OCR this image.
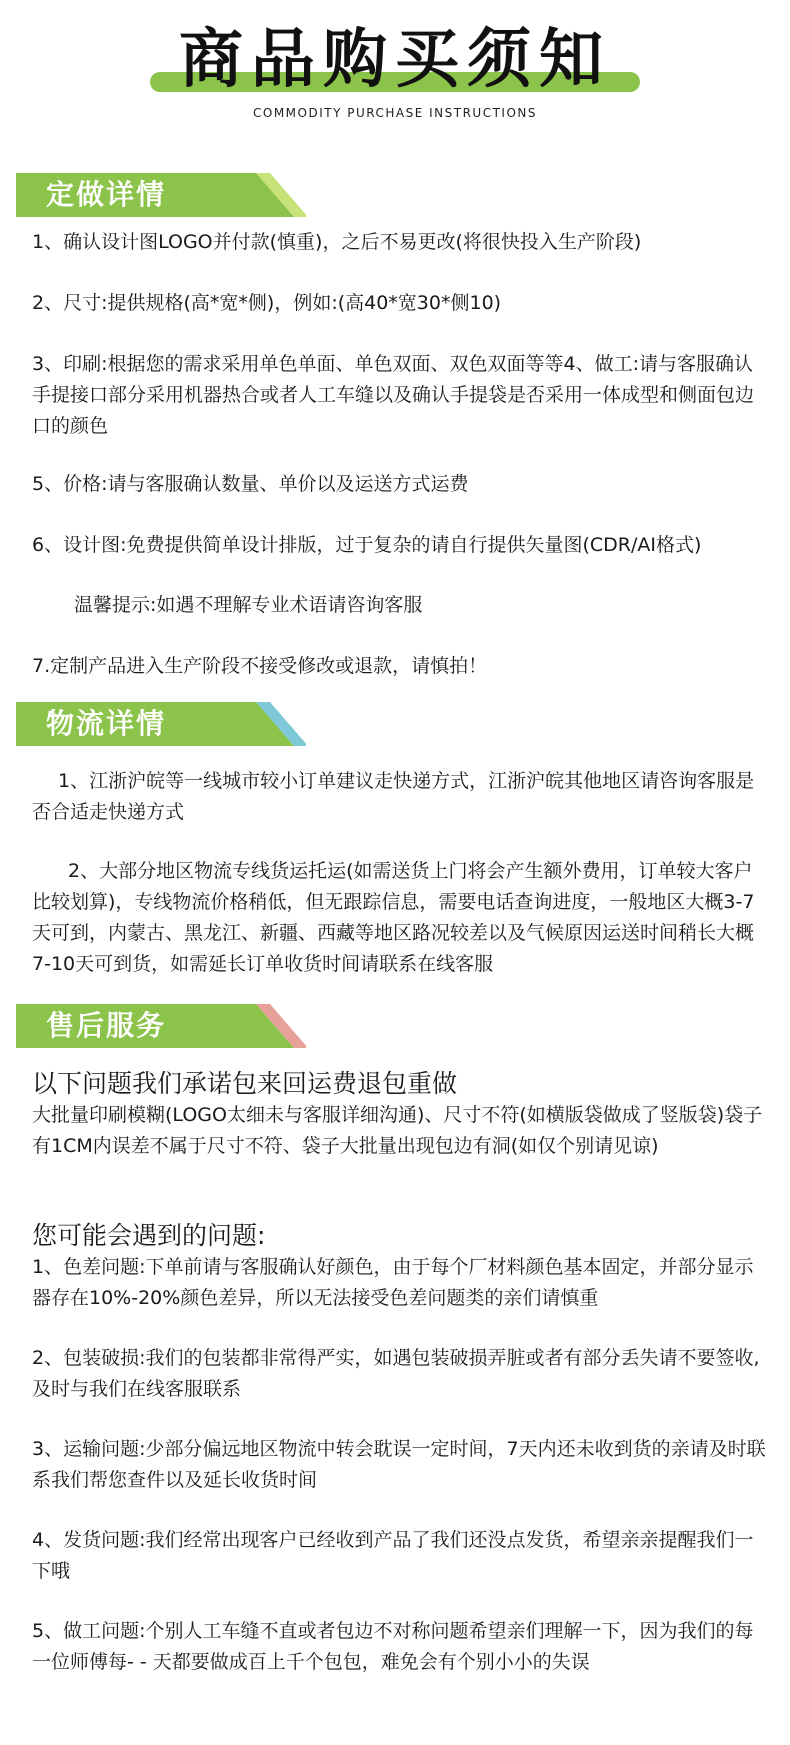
商品购买须知
COMMODITY PURCHASE INSTRUCTIONS
定做详情
1、确认设计图LOGO并付款(慎重)，之后不易更改(将很快投入生产阶段)
2、尺寸:提供规格(高*宽*侧)，例如:(高40*宽30*侧10)
3、印刷:根据您的需求采用单色单面、单色双面、双色双面等等4、做工:请与客服确认手提接口部分采用机器热合或者人工车缝以及确认手提袋是否采用一体成型和侧面包边口的颜色
5、价格:请与客服确认数量、单价以及运送方式运费
6、设计图:免费提供简单设计排版，过于复杂的请自行提供矢量图(CDR/AI格式)
温馨提示:如遇不理解专业术语请咨询客服
7.定制产品进入生产阶段不接受修改或退款，请慎拍！
物流详情
1、江浙沪皖等一线城市较小订单建议走快递方式，江浙沪皖其他地区请咨询客服是否合适走快递方式
2、大部分地区物流专线货运托运(如需送货上门将会产生额外费用，订单较大客户比较划算)，专线物流价格稍低，但无跟踪信息，需要电话查询进度，一般地区大概3-7天可到，内蒙古、黑龙江、新疆、西藏等地区路况较差以及气候原因运送时间稍长大概7-10天可到货，如需延长订单收货时间请联系在线客服
售后服务
以下问题我们承诺包来回运费退包重做
大批量印刷模糊(LOGO太细未与客服详细沟通)、尺寸不符(如横版袋做成了竖版袋)袋子有1CM内误差不属于尺寸不符、袋子大批量出现包边有洞(如仅个别请见谅)
您可能会遇到的问题:
1、色差问题:下单前请与客服确认好颜色，由于每个厂材料颜色基本固定，并部分显示器存在10%-20%颜色差异，所以无法接受色差问题类的亲们请慎重
2、包装破损:我们的包装都非常得严实，如遇包装破损弄脏或者有部分丢失请不要签收,及时与我们在线客服联系
3、运输问题:少部分偏远地区物流中转会耽误一定时间，7天内还未收到货的亲请及时联系我们帮您查件以及延长收货时间
4、发货问题:我们经常出现客户已经收到产品了我们还没点发货，希望亲亲提醒我们一下哦
5、做工问题:个别人工车缝不直或者包边不对称问题希望亲们理解一下，因为我们的每一位师傅每- - 天都要做成百上千个包包，难免会有个别小小的失误
